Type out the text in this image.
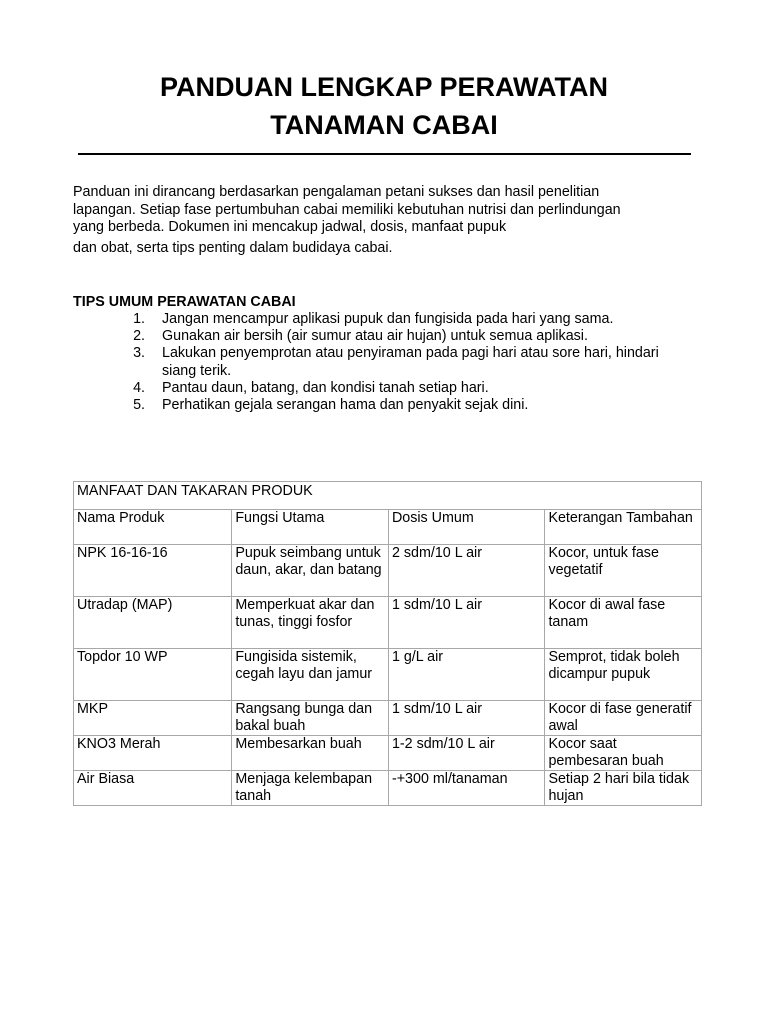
PANDUAN LENGKAP PERAWATAN
TANAMAN CABAI

Panduan ini dirancang berdasarkan pengalaman petani sukses dan hasil penelitian
lapangan. Setiap fase pertumbuhan cabai memiliki kebutuhan nutrisi dan perlindungan
yang berbeda. Dokumen ini mencakup jadwal, dosis, manfaat pupuk
dan obat, serta tips penting dalam budidaya cabai.

TIPS UMUM PERAWATAN CABAI
1. Jangan mencampur aplikasi pupuk dan fungisida pada hari yang sama.
2. Gunakan air bersih (air sumur atau air hujan) untuk semua aplikasi.
3. Lakukan penyemprotan atau penyiraman pada pagi hari atau sore hari, hindari siang terik.
4. Pantau daun, batang, dan kondisi tanah setiap hari.
5. Perhatikan gejala serangan hama dan penyakit sejak dini.
MANFAAT DAN TAKARAN PRODUK			
Nama Produk	Fungsi Utama	Dosis Umum	Keterangan Tambahan
NPK 16-16-16	Pupuk seimbang untuk daun, akar, dan batang	2 sdm/10 L air	Kocor, untuk fase vegetatif
Utradap (MAP)	Memperkuat akar dan tunas, tinggi fosfor	1 sdm/10 L air	Kocor di awal fase tanam
Topdor 10 WP	Fungisida sistemik, cegah layu dan jamur	1 g/L air	Semprot, tidak boleh dicampur pupuk
MKP	Rangsang bunga dan bakal buah	1 sdm/10 L air	Kocor di fase generatif awal
KNO3 Merah	Membesarkan buah	1-2 sdm/10 L air	Kocor saat pembesaran buah
Air Biasa	Menjaga kelembapan tanah	-+300 ml/tanaman	Setiap 2 hari bila tidak hujan
